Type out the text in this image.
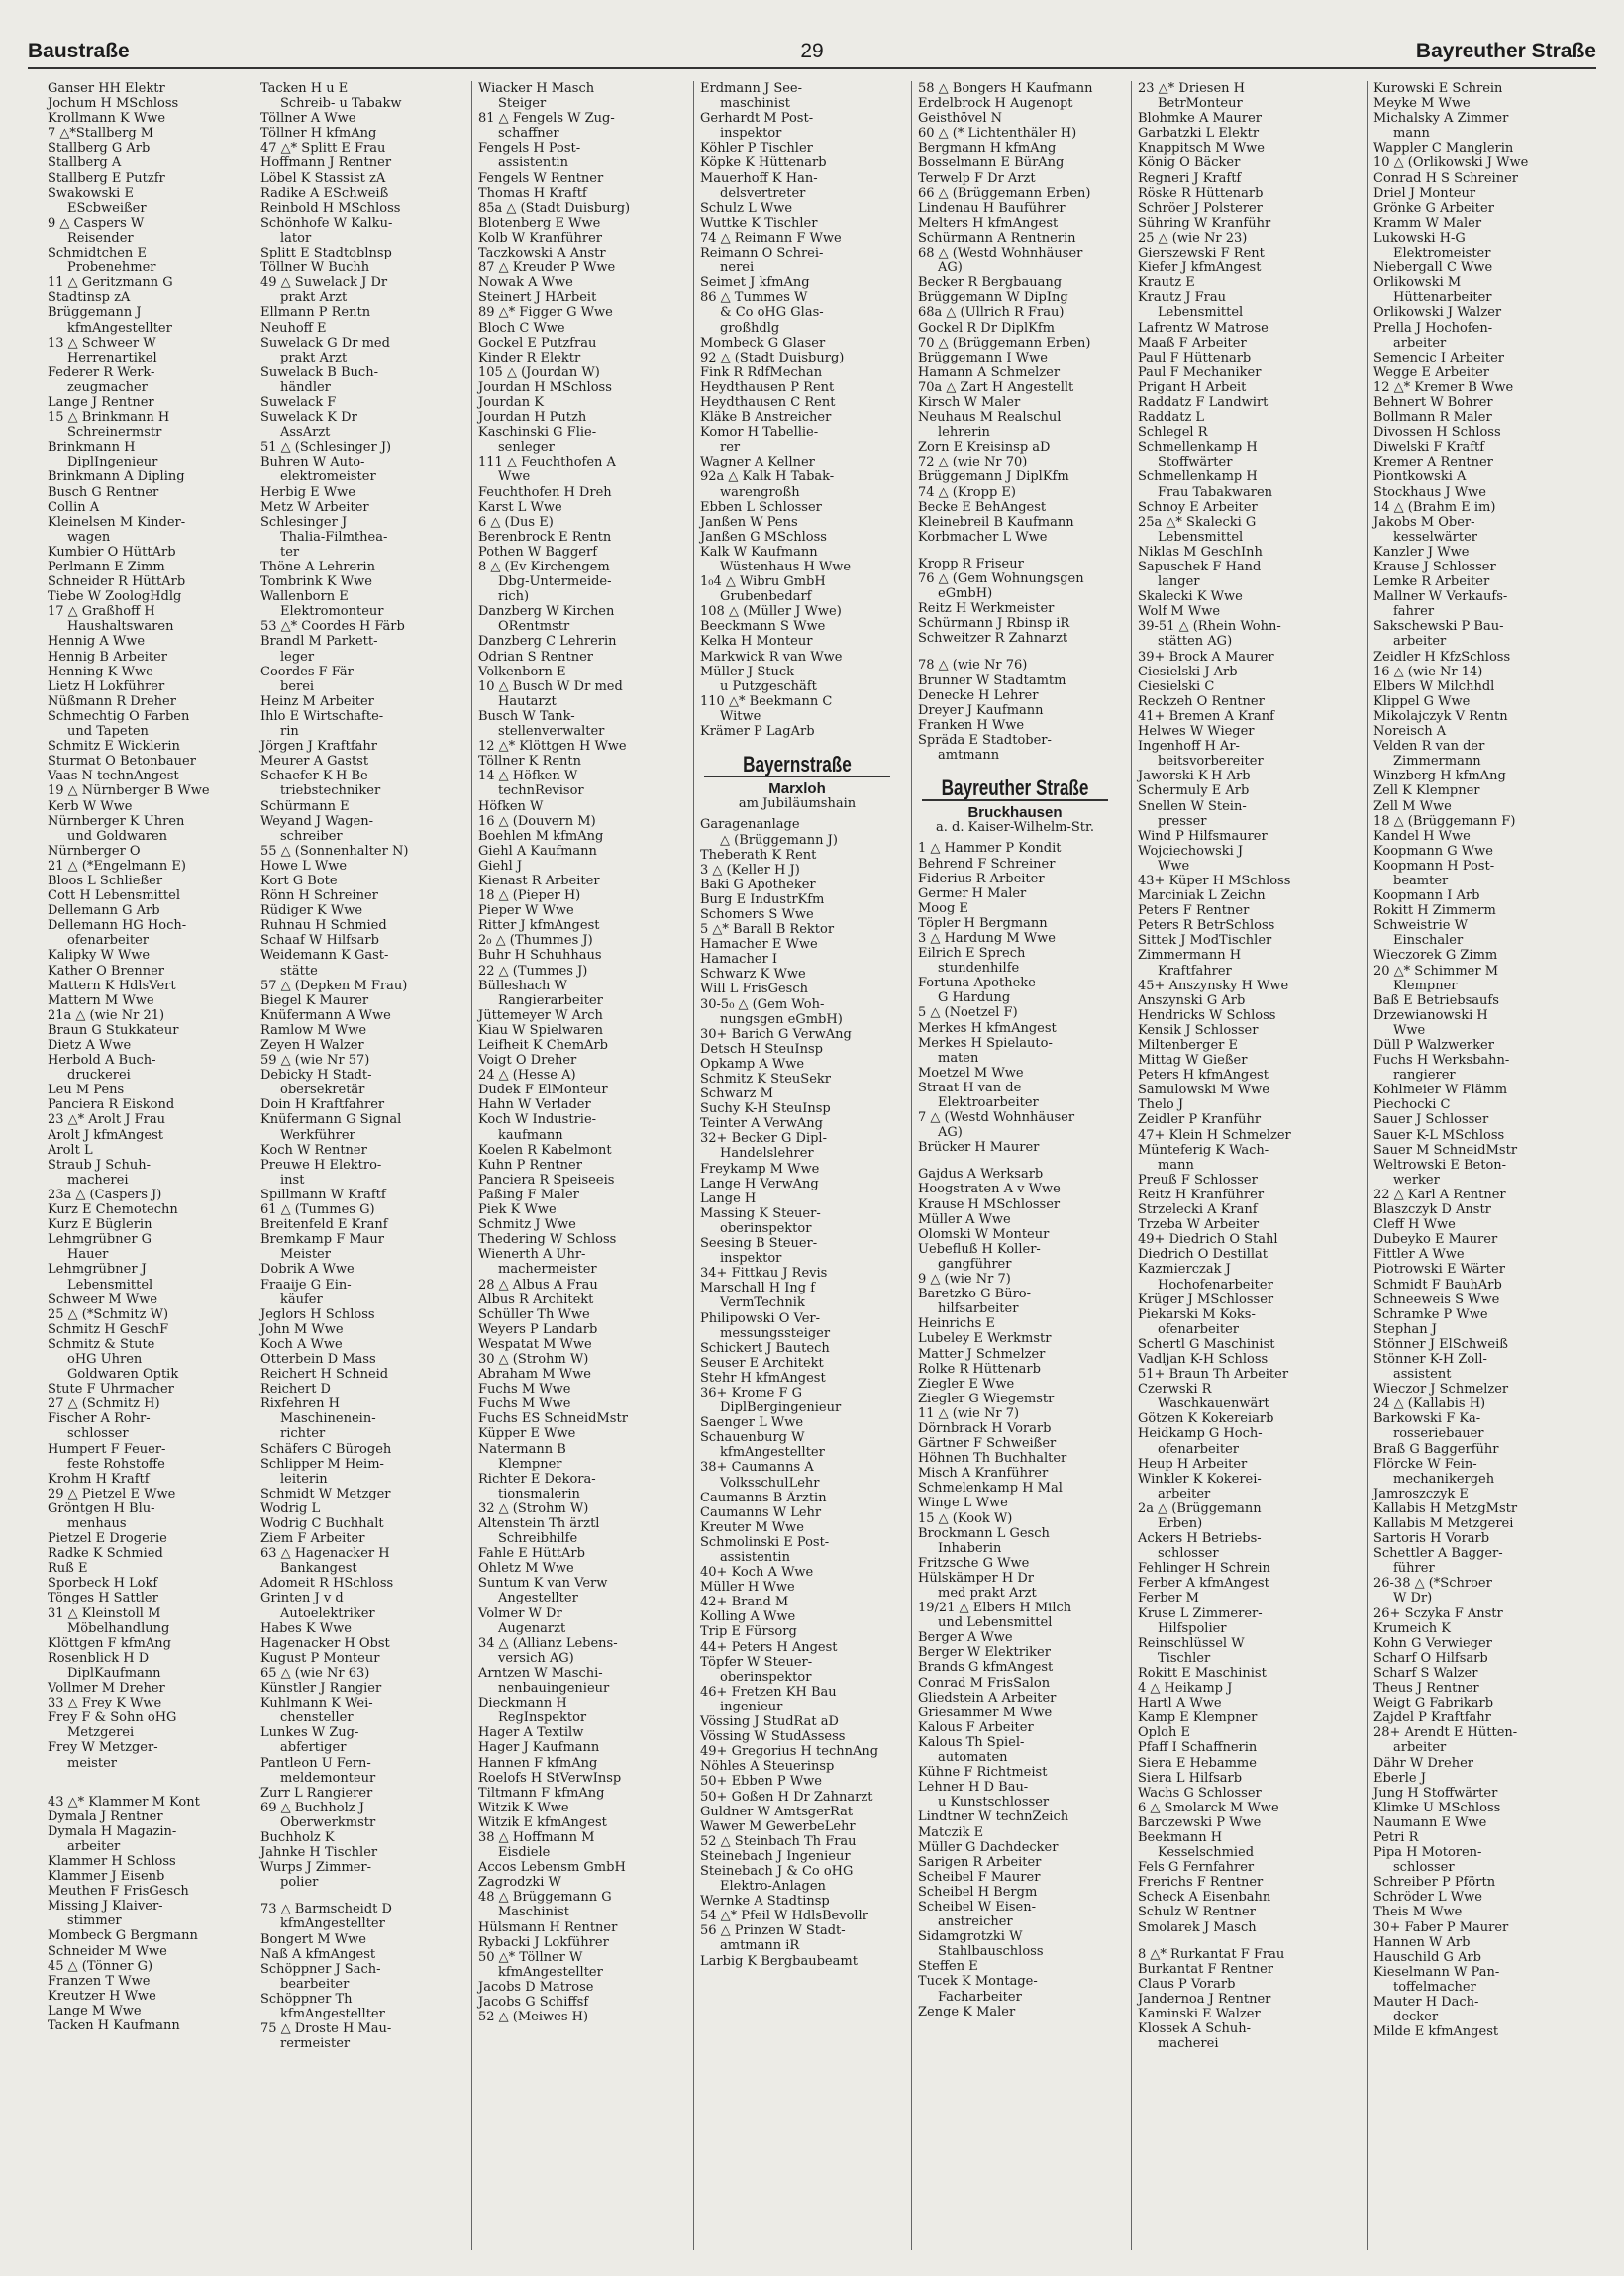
Baustraße	29	Bayreuther Straße
Ganser HH Elektr
Jochum H MSchloss
Krollmann K Wwe
7 △*Stallberg M
Stallberg G Arb
Stallberg A
Stallberg E Putzfr
Swakowski E
EScbweißer
9 △ Caspers W
Reisender
Schmidtchen E
Probenehmer
11 △ Geritzmann G
Stadtinsp zA
Brüggemann J
kfmAngestellter
13 △ Schweer W
Herrenartikel
Federer R Werk-
zeugmacher
Lange J Rentner
15 △ Brinkmann H
Schreinermstr
Brinkmann H
DiplIngenieur
Brinkmann A Dipling
Busch G Rentner
Collin A
Kleinelsen M Kinder-
wagen
Kumbier O HüttArb
Perlmann E Zimm
Schneider R HüttArb
Tiebe W ZoologHdlg
17 △ Graßhoff H
Haushaltswaren
Hennig A Wwe
Hennig B Arbeiter
Henning K Wwe
Lietz H Lokführer
Nüßmann R Dreher
Schmechtig O Farben
und Tapeten
Schmitz E Wicklerin
Sturmat O Betonbauer
Vaas N technAngest
19 △ Nürnberger B Wwe
Kerb W Wwe
Nürnberger K Uhren
und Goldwaren
Nürnberger O
21 △ (*Engelmann E)
Bloos L Schließer
Cott H Lebensmittel
Dellemann G Arb
Dellemann HG Hoch-
ofenarbeiter
Kalipky W Wwe
Kather O Brenner
Mattern K HdlsVert
Mattern M Wwe
21a △ (wie Nr 21)
Braun G Stukkateur
Dietz A Wwe
Herbold A Buch-
druckerei
Leu M Pens
Panciera R Eiskond
23 △* Arolt J Frau
Arolt J kfmAngest
Arolt L
Straub J Schuh-
macherei
23a △ (Caspers J)
Kurz E Chemotechn
Kurz E Büglerin
Lehmgrübner G
Hauer
Lehmgrübner J
Lebensmittel
Schweer M Wwe
25 △ (*Schmitz W)
Schmitz H GeschF
Schmitz & Stute
oHG Uhren
Goldwaren Optik
Stute F Uhrmacher
27 △ (Schmitz H)
Fischer A Rohr-
schlosser
Humpert F Feuer-
feste Rohstoffe
Krohm H Kraftf
29 △ Pietzel E Wwe
Gröntgen H Blu-
menhaus
Pietzel E Drogerie
Radke K Schmied
Ruß E
Sporbeck H Lokf
Tönges H Sattler
31 △ Kleinstoll M
Möbelhandlung
Klöttgen F kfmAng
Rosenblick H D
DiplKaufmann
Vollmer M Dreher
33 △ Frey K Wwe
Frey F & Sohn oHG
Metzgerei
Frey W Metzger-
meister
43 △* Klammer M Kont
Dymala J Rentner
Dymala H Magazin-
arbeiter
Klammer H Schloss
Klammer J Eisenb
Meuthen F FrisGesch
Missing J Klaiver-
stimmer
Mombeck G Bergmann
Schneider M Wwe
45 △ (Tönner G)
Franzen T Wwe
Kreutzer H Wwe
Lange M Wwe
Tacken H Kaufmann
Tacken H u E
Schreib- u Tabakw
Töllner A Wwe
Töllner H kfmAng
47 △* Splitt E Frau
Hoffmann J Rentner
Löbel K Stassist zA
Radike A ESchweiß
Reinbold H MSchloss
Schönhofe W Kalku-
lator
Splitt E Stadtoblnsp
Töllner W Buchh
49 △ Suwelack J Dr
prakt Arzt
Ellmann P Rentn
Neuhoff E
Suwelack G Dr med
prakt Arzt
Suwelack B Buch-
händler
Suwelack F
Suwelack K Dr
AssArzt
51 △ (Schlesinger J)
Buhren W Auto-
elektromeister
Herbig E Wwe
Metz W Arbeiter
Schlesinger J
Thalia-Filmthea-
ter
Thöne A Lehrerin
Tombrink K Wwe
Wallenborn E
Elektromonteur
53 △* Coordes H Färb
Brandl M Parkett-
leger
Coordes F Fär-
berei
Heinz M Arbeiter
Ihlo E Wirtschafte-
rin
Jörgen J Kraftfahr
Meurer A Gastst
Schaefer K-H Be-
triebstechniker
Schürmann E
Weyand J Wagen-
schreiber
55 △ (Sonnenhalter N)
Howe L Wwe
Kort G Bote
Rönn H Schreiner
Rüdiger K Wwe
Ruhnau H Schmied
Schaaf W Hilfsarb
Weidemann K Gast-
stätte
57 △ (Depken M Frau)
Biegel K Maurer
Knüfermann A Wwe
Ramlow M Wwe
Zeyen H Walzer
59 △ (wie Nr 57)
Debicky H Stadt-
obersekretär
Doin H Kraftfahrer
Knüfermann G Signal
Werkführer
Koch W Rentner
Preuwe H Elektro-
inst
Spillmann W Kraftf
61 △ (Tummes G)
Breitenfeld E Kranf
Bremkamp F Maur
Meister
Dobrik A Wwe
Fraaije G Ein-
käufer
Jeglors H Schloss
John M Wwe
Koch A Wwe
Otterbein D Mass
Reichert H Schneid
Reichert D
Rixfehren H
Maschinenein-
richter
Schäfers C Bürogeh
Schlipper M Heim-
leiterin
Schmidt W Metzger
Wodrig L
Wodrig C Buchhalt
Ziem F Arbeiter
63 △ Hagenacker H
Bankangest
Adomeit R HSchloss
Grinten J v d
Autoelektriker
Habes K Wwe
Hagenacker H Obst
Kugust P Monteur
65 △ (wie Nr 63)
Künstler J Rangier
Kuhlmann K Wei-
chensteller
Lunkes W Zug-
abfertiger
Pantleon U Fern-
meldemonteur
Zurr L Rangierer
69 △ Buchholz J
Oberwerkmstr
Buchholz K
Jahnke H Tischler
Wurps J Zimmer-
polier
73 △ Barmscheidt D
kfmAngestellter
Bongert M Wwe
Naß A kfmAngest
Schöppner J Sach-
bearbeiter
Schöppner Th
kfmAngestellter
75 △ Droste H Mau-
rermeister
Wiacker H Masch
Steiger
81 △ Fengels W Zug-
schaffner
Fengels H Post-
assistentin
Fengels W Rentner
Thomas H Kraftf
85a △ (Stadt Duisburg)
Blotenberg E Wwe
Kolb W Kranführer
Taczkowski A Anstr
87 △ Kreuder P Wwe
Nowak A Wwe
Steinert J HArbeit
89 △* Figger G Wwe
Bloch C Wwe
Gockel E Putzfrau
Kinder R Elektr
105 △ (Jourdan W)
Jourdan H MSchloss
Jourdan K
Jourdan H Putzh
Kaschinski G Flie-
senleger
111 △ Feuchthofen A
Wwe
Feuchthofen H Dreh
Karst L Wwe
6 △ (Dus E)
Berenbrock E Rentn
Pothen W Baggerf
8 △ (Ev Kirchengem
Dbg-Untermeide-
rich)
Danzberg W Kirchen
ORentmstr
Danzberg C Lehrerin
Odrian S Rentner
Volkenborn E
10 △ Busch W Dr med
Hautarzt
Busch W Tank-
stellenverwalter
12 △* Klöttgen H Wwe
Töllner K Rentn
14 △ Höfken W
technRevisor
Höfken W
16 △ (Douvern M)
Boehlen M kfmAng
Giehl A Kaufmann
Giehl J
Kienast R Arbeiter
18 △ (Pieper H)
Pieper W Wwe
Ritter J kfmAngest
2₀ △ (Thummes J)
Buhr H Schuhhaus
22 △ (Tummes J)
Bülleshach W
Rangierarbeiter
Jüttemeyer W Arch
Kiau W Spielwaren
Leifheit K ChemArb
Voigt O Dreher
24 △ (Hesse A)
Dudek F ElMonteur
Hahn W Verlader
Koch W Industrie-
kaufmann
Koelen R Kabelmont
Kuhn P Rentner
Panciera R Speiseeis
Paßing F Maler
Piek K Wwe
Schmitz J Wwe
Thedering W Schloss
Wienerth A Uhr-
machermeister
28 △ Albus A Frau
Albus R Architekt
Schüller Th Wwe
Weyers P Landarb
Wespatat M Wwe
30 △ (Strohm W)
Abraham M Wwe
Fuchs M Wwe
Fuchs M Wwe
Fuchs ES SchneidMstr
Küpper E Wwe
Natermann B
Klempner
Richter E Dekora-
tionsmalerin
32 △ (Strohm W)
Altenstein Th ärztl
Schreibhilfe
Fahle E HüttArb
Ohletz M Wwe
Suntum K van Verw
Angestellter
Volmer W Dr
Augenarzt
34 △ (Allianz Lebens-
versich AG)
Arntzen W Maschi-
nenbauingenieur
Dieckmann H
RegInspektor
Hager A Textilw
Hager J Kaufmann
Hannen F kfmAng
Roelofs H StVerwInsp
Tiltmann F kfmAng
Witzik K Wwe
Witzik E kfmAngest
38 △ Hoffmann M
Eisdiele
Accos Lebensm GmbH
Zagrodzki W
48 △ Brüggemann G
Maschinist
Hülsmann H Rentner
Rybacki J Lokführer
50 △* Töllner W
kfmAngestellter
Jacobs D Matrose
Jacobs G Schiffsf
52 △ (Meiwes H)
Erdmann J See-
maschinist
Gerhardt M Post-
inspektor
Köhler P Tischler
Köpke K Hüttenarb
Mauerhoff K Han-
delsvertreter
Schulz L Wwe
Wuttke K Tischler
74 △ Reimann F Wwe
Reimann O Schrei-
nerei
Seimet J kfmAng
86 △ Tummes W
& Co oHG Glas-
großhdlg
Mombeck G Glaser
92 △ (Stadt Duisburg)
Fink R RdfMechan
Heydthausen P Rent
Heydthausen C Rent
Kläke B Anstreicher
Komor H Tabellie-
rer
Wagner A Kellner
92a △ Kalk H Tabak-
warengroßh
Ebben L Schlosser
Janßen W Pens
Janßen G MSchloss
Kalk W Kaufmann
Wüstenhaus H Wwe
1₀4 △ Wibru GmbH
Grubenbedarf
108 △ (Müller J Wwe)
Beeckmann S Wwe
Kelka H Monteur
Markwick R van Wwe
Müller J Stuck-
u Putzgeschäft
110 △* Beekmann C
Witwe
Krämer P LagArb
Bayernstraße
Marxloh
am Jubiläumshain
Garagenanlage
△ (Brüggemann J)
Theberath K Rent
3 △ (Keller H J)
Baki G Apotheker
Burg E IndustrKfm
Schomers S Wwe
5 △* Barall B Rektor
Hamacher E Wwe
Hamacher I
Schwarz K Wwe
Will L FrisGesch
30-5₀ △ (Gem Woh-
nungsgen eGmbH)
30+ Barich G VerwAng
Detsch H SteuInsp
Opkamp A Wwe
Schmitz K SteuSekr
Schwarz M
Suchy K-H SteuInsp
Teinter A VerwAng
32+ Becker G Dipl-
Handelslehrer
Freykamp M Wwe
Lange H VerwAng
Lange H
Massing K Steuer-
oberinspektor
Seesing B Steuer-
inspektor
34+ Fittkau J Revis
Marschall H Ing f
VermTechnik
Philipowski O Ver-
messungssteiger
Schickert J Bautech
Seuser E Architekt
Stehr H kfmAngest
36+ Krome F G
DiplBergingenieur
Saenger L Wwe
Schauenburg W
kfmAngestellter
38+ Caumanns A
VolksschulLehr
Caumanns B Ärztin
Caumanns W Lehr
Kreuter M Wwe
Schmolinski E Post-
assistentin
40+ Koch A Wwe
Müller H Wwe
42+ Brand M
Kolling A Wwe
Trip E Fürsorg
44+ Peters H Angest
Töpfer W Steuer-
oberinspektor
46+ Fretzen KH Bau
ingenieur
Vössing J StudRat aD
Vössing W StudAssess
49+ Gregorius H technAng
Nöhles A Steuerinsp
50+ Ebben P Wwe
50+ Goßen H Dr Zahnarzt
Guldner W AmtsgerRat
Wawer M GewerbeLehr
52 △ Steinbach Th Frau
Steinebach J Ingenieur
Steinebach J & Co oHG
Elektro-Anlagen
Wernke A Stadtinsp
54 △* Pfeil W HdlsBevollr
56 △ Prinzen W Stadt-
amtmann iR
Larbig K Bergbaubeamt
58 △ Bongers H Kaufmann
Erdelbrock H Augenopt
Geisthövel N
60 △ (* Lichtenthäler H)
Bergmann H kfmAng
Bosselmann E BürAng
Terwelp F Dr Arzt
66 △ (Brüggemann Erben)
Lindenau H Bauführer
Melters H kfmAngest
Schürmann A Rentnerin
68 △ (Westd Wohnhäuser
AG)
Becker R Bergbauang
Brüggemann W DipIng
68a △ (Ullrich R Frau)
Gockel R Dr DiplKfm
70 △ (Brüggemann Erben)
Brüggemann I Wwe
Hamann A Schmelzer
70a △ Zart H Angestellt
Kirsch W Maler
Neuhaus M Realschul
lehrerin
Zorn E Kreisinsp aD
72 △ (wie Nr 70)
Brüggemann J DiplKfm
74 △ (Kropp E)
Becke E BehAngest
Kleinebreil B Kaufmann
Korbmacher L Wwe
Kropp R Friseur
76 △ (Gem Wohnungsgen
eGmbH)
Reitz H Werkmeister
Schürmann J Rbinsp iR
Schweitzer R Zahnarzt
78 △ (wie Nr 76)
Brunner W Stadtamtm
Denecke H Lehrer
Dreyer J Kaufmann
Franken H Wwe
Spräda E Stadtober-
amtmann
Bayreuther Straße
Bruckhausen
a. d. Kaiser-Wilhelm-Str.
1 △ Hammer P Kondit
Behrend F Schreiner
Fiderius R Arbeiter
Germer H Maler
Moog E
Töpler H Bergmann
3 △ Hardung M Wwe
Eilrich E Sprech
stundenhilfe
Fortuna-Apotheke
G Hardung
5 △ (Noetzel F)
Merkes H kfmAngest
Merkes H Spielauto-
maten
Moetzel M Wwe
Straat H van de
Elektroarbeiter
7 △ (Westd Wohnhäuser
AG)
Brücker H Maurer
Gajdus A Werksarb
Hoogstraten A v Wwe
Krause H MSchlosser
Müller A Wwe
Olomski W Monteur
Uebefluß H Koller-
gangführer
9 △ (wie Nr 7)
Baretzko G Büro-
hilfsarbeiter
Heinrichs E
Lubeley E Werkmstr
Matter J Schmelzer
Rolke R Hüttenarb
Ziegler E Wwe
Ziegler G Wiegemstr
11 △ (wie Nr 7)
Dörnbrack H Vorarb
Gärtner F Schweißer
Höhnen Th Buchhalter
Misch A Kranführer
Schmelenkamp H Mal
Winge L Wwe
15 △ (Kook W)
Brockmann L Gesch
Inhaberin
Fritzsche G Wwe
Hülskämper H Dr
med prakt Arzt
19/21 △ Elbers H Milch
und Lebensmittel
Berger A Wwe
Berger W Elektriker
Brands G kfmAngest
Conrad M FrisSalon
Gliedstein A Arbeiter
Griesammer M Wwe
Kalous F Arbeiter
Kalous Th Spiel-
automaten
Kühne F Richtmeist
Lehner H D Bau-
u Kunstschlosser
Lindtner W technZeich
Matczik E
Müller G Dachdecker
Sarigen R Arbeiter
Scheibel F Maurer
Scheibel H Bergm
Scheibel W Eisen-
anstreicher
Sidamgrotzki W
Stahlbauschloss
Steffen E
Tucek K Montage-
Facharbeiter
Zenge K Maler
23 △* Driesen H
BetrMonteur
Blohmke A Maurer
Garbatzki L Elektr
Knappitsch M Wwe
König O Bäcker
Regneri J Kraftf
Röske R Hüttenarb
Schröer J Polsterer
Sühring W Kranführ
25 △ (wie Nr 23)
Gierszewski F Rent
Kiefer J kfmAngest
Krautz E
Krautz J Frau
Lebensmittel
Lafrentz W Matrose
Maaß F Arbeiter
Paul F Hüttenarb
Paul F Mechaniker
Prigant H Arbeit
Raddatz F Landwirt
Raddatz L
Schlegel R
Schmellenkamp H
Stoffwärter
Schmellenkamp H
Frau Tabakwaren
Schnoy E Arbeiter
25a △* Skalecki G
Lebensmittel
Niklas M GeschInh
Sapuschek F Hand
langer
Skalecki K Wwe
Wolf M Wwe
39-51 △ (Rhein Wohn-
stätten AG)
39+ Brock A Maurer
Ciesielski J Arb
Ciesielski C
Reckzeh O Rentner
41+ Bremen A Kranf
Helwes W Wieger
Ingenhoff H Ar-
beitsvorbereiter
Jaworski K-H Arb
Schermuly E Arb
Snellen W Stein-
presser
Wind P Hilfsmaurer
Wojciechowski J
Wwe
43+ Küper H MSchloss
Marciniak L Zeichn
Peters F Rentner
Peters R BetrSchloss
Sittek J ModTischler
Zimmermann H
Kraftfahrer
45+ Anszynsky H Wwe
Anszynski G Arb
Hendricks W Schloss
Kensik J Schlosser
Miltenberger E
Mittag W Gießer
Peters H kfmAngest
Samulowski M Wwe
Thelo J
Zeidler P Kranführ
47+ Klein H Schmelzer
Münteferig K Wach-
mann
Preuß F Schlosser
Reitz H Kranführer
Strzelecki A Kranf
Trzeba W Arbeiter
49+ Diedrich O Stahl
Diedrich O Destillat
Kazmierczak J
Hochofenarbeiter
Krüger J MSchlosser
Piekarski M Koks-
ofenarbeiter
Schertl G Maschinist
Vadljan K-H Schloss
51+ Braun Th Arbeiter
Czerwski R
Waschkauenwärt
Götzen K Kokereiarb
Heidkamp G Hoch-
ofenarbeiter
Heup H Arbeiter
Winkler K Kokerei-
arbeiter
2a △ (Brüggemann
Erben)
Ackers H Betriebs-
schlosser
Fehlinger H Schrein
Ferber A kfmAngest
Ferber M
Kruse L Zimmerer-
Hilfspolier
Reinschlüssel W
Tischler
Rokitt E Maschinist
4 △ Heikamp J
Hartl A Wwe
Kamp E Klempner
Oploh E
Pfaff I Schaffnerin
Siera E Hebamme
Siera L Hilfsarb
Wachs G Schlosser
6 △ Smolarck M Wwe
Barczewski P Wwe
Beekmann H
Kesselschmied
Fels G Fernfahrer
Frerichs F Rentner
Scheck A Eisenbahn
Schulz W Rentner
Smolarek J Masch
8 △* Rurkantat F Frau
Burkantat F Rentner
Claus P Vorarb
Jandernoa J Rentner
Kaminski E Walzer
Klossek A Schuh-
macherei
Kurowski E Schrein
Meyke M Wwe
Michalsky A Zimmer
mann
Wappler C Manglerin
10 △ (Orlikowski J Wwe
Conrad H S Schreiner
Driel J Monteur
Grönke G Arbeiter
Kramm W Maler
Lukowski H-G
Elektromeister
Niebergall C Wwe
Orlikowski M
Hüttenarbeiter
Orlikowski J Walzer
Prella J Hochofen-
arbeiter
Semencic I Arbeiter
Wegge E Arbeiter
12 △* Kremer B Wwe
Behnert W Bohrer
Bollmann R Maler
Divossen H Schloss
Diwelski F Kraftf
Kremer A Rentner
Piontkowski A
Stockhaus J Wwe
14 △ (Brahm E im)
Jakobs M Ober-
kesselwärter
Kanzler J Wwe
Krause J Schlosser
Lemke R Arbeiter
Mallner W Verkaufs-
fahrer
Sakschewski P Bau-
arbeiter
Zeidler H KfzSchloss
16 △ (wie Nr 14)
Elbers W Milchhdl
Klippel G Wwe
Mikolajczyk V Rentn
Noreisch A
Velden R van der
Zimmermann
Winzberg H kfmAng
Zell K Klempner
Zell M Wwe
18 △ (Brüggemann F)
Kandel H Wwe
Koopmann G Wwe
Koopmann H Post-
beamter
Koopmann I Arb
Rokitt H Zimmerm
Schweistrie W
Einschaler
Wieczorek G Zimm
20 △* Schimmer M
Klempner
Baß E Betriebsaufs
Drzewianowski H
Wwe
Düll P Walzwerker
Fuchs H Werksbahn-
rangierer
Kohlmeier W Flämm
Piechocki C
Sauer J Schlosser
Sauer K-L MSchloss
Sauer M SchneidMstr
Weltrowski E Beton-
werker
22 △ Karl A Rentner
Blaszczyk D Anstr
Cleff H Wwe
Dubeyko E Maurer
Fittler A Wwe
Piotrowski E Wärter
Schmidt F BauhArb
Schneeweis S Wwe
Schramke P Wwe
Stephan J
Stönner J ElSchweiß
Stönner K-H Zoll-
assistent
Wieczor J Schmelzer
24 △ (Kallabis H)
Barkowski F Ka-
rosseriebauer
Braß G Baggerführ
Flörcke W Fein-
mechanikergeh
Jamroszczyk E
Kallabis H MetzgMstr
Kallabis M Metzgerei
Sartoris H Vorarb
Schettler A Bagger-
führer
26-38 △ (*Schroer
W Dr)
26+ Sczyka F Anstr
Krumeich K
Kohn G Verwieger
Scharf O Hilfsarb
Scharf S Walzer
Theus J Rentner
Weigt G Fabrikarb
Zajdel P Kraftfahr
28+ Arendt E Hütten-
arbeiter
Dähr W Dreher
Eberle J
Jung H Stoffwärter
Klimke U MSchloss
Naumann E Wwe
Petri R
Pipa H Motoren-
schlosser
Schreiber P Pförtn
Schröder L Wwe
Theis M Wwe
30+ Faber P Maurer
Hannen W Arb
Hauschild G Arb
Kieselmann W Pan-
toffelmacher
Mauter H Dach-
decker
Milde E kfmAngest
